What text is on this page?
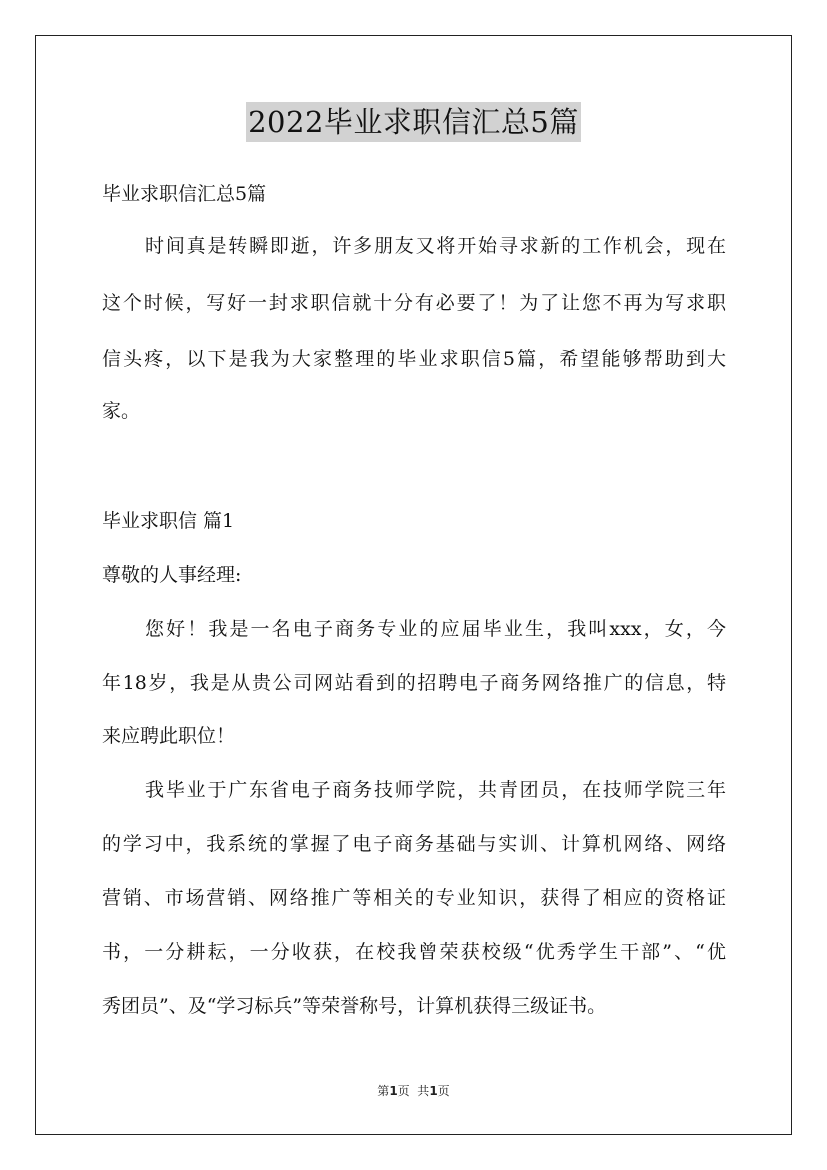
2022毕业求职信汇总5篇
毕业求职信汇总5篇
时间真是转瞬即逝，许多朋友又将开始寻求新的工作机会，现在
这个时候，写好一封求职信就十分有必要了！为了让您不再为写求职
信头疼，以下是我为大家整理的毕业求职信5篇，希望能够帮助到大
家。
毕业求职信 篇1
尊敬的人事经理:
您好！我是一名电子商务专业的应届毕业生，我叫xxx，女，今
年18岁，我是从贵公司网站看到的招聘电子商务网络推广的信息，特
来应聘此职位！
我毕业于广东省电子商务技师学院，共青团员，在技师学院三年
的学习中，我系统的掌握了电子商务基础与实训、计算机网络、网络
营销、市场营销、网络推广等相关的专业知识，获得了相应的资格证
书，一分耕耘，一分收获，在校我曾荣获校级“优秀学生干部”、“优
秀团员”、及“学习标兵”等荣誉称号，计算机获得三级证书。
第1页  共1页
